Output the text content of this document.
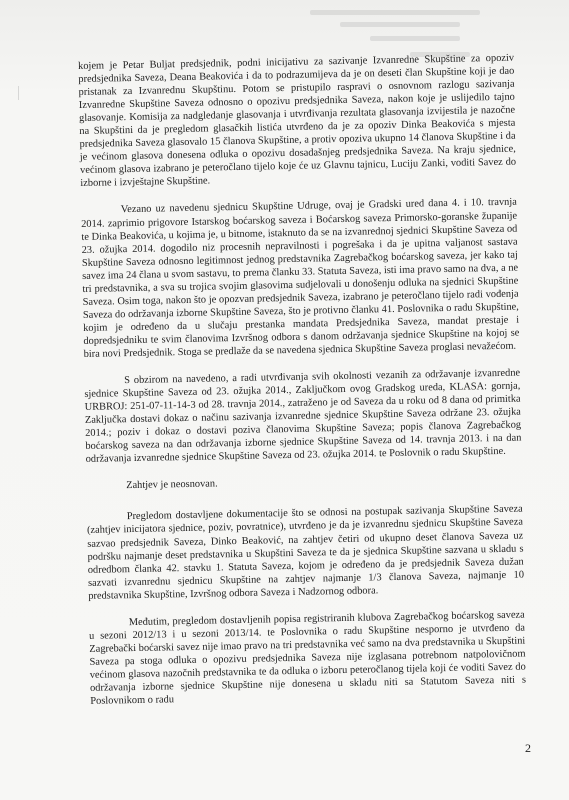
kojem je Petar Buljat predsjednik, podni inicijativu za sazivanje Izvanredne Skupštine za opoziv predsjednika Saveza, Deana Beakovića i da to podrazumijeva da je on deseti član Skupštine koji je dao pristanak za Izvanrednu Skupštinu. Potom se pristupilo raspravi o osnovnom razlogu sazivanja Izvanredne Skupštine Saveza odnosno o opozivu predsjednika Saveza, nakon koje je uslijedilo tajno glasovanje. Komisija za nadgledanje glasovanja i utvrđivanja rezultata glasovanja izvijestila je nazočne na Skupštini da je pregledom glasačkih listića utvrđeno da je za opoziv Dinka Beakovića s mjesta predsjednika Saveza glasovalo 15 članova Skupštine, a protiv opoziva ukupno 14 članova Skupštine i da je većinom glasova donesena odluka o opozivu dosadašnjeg predsjednika Saveza. Na kraju sjednice, većinom glasova izabrano je peteročlano tijelo koje će uz Glavnu tajnicu, Luciju Zanki, voditi Savez do izborne i izvještajne Skupštine.

Vezano uz navedenu sjednicu Skupštine Udruge, ovaj je Gradski ured dana 4. i 10. travnja 2014. zaprimio prigovore Istarskog boćarskog saveza i Boćarskog saveza Primorsko-goranske županije te Dinka Beakovića, u kojima je, u bitnome, istaknuto da se na izvanrednoj sjednici Skupštine Saveza od 23. ožujka 2014. dogodilo niz procesnih nepravilnosti i pogrešaka i da je upitna valjanost sastava Skupštine Saveza odnosno legitimnost jednog predstavnika Zagrebačkog boćarskog saveza, jer kako taj savez ima 24 člana u svom sastavu, to prema članku 33. Statuta Saveza, isti ima pravo samo na dva, a ne tri predstavnika, a sva su trojica svojim glasovima sudjelovali u donošenju odluka na sjednici Skupštine Saveza. Osim toga, nakon što je opozvan predsjednik Saveza, izabrano je peteročlano tijelo radi vođenja Saveza do održavanja izborne Skupštine Saveza, što je protivno članku 41. Poslovnika o radu Skupštine, kojim je određeno da u slučaju prestanka mandata Predsjednika Saveza, mandat prestaje i dopredsjedniku te svim članovima Izvršnog odbora s danom održavanja sjednice Skupštine na kojoj se bira novi Predsjednik. Stoga se predlaže da se navedena sjednica Skupštine Saveza proglasi nevažećom.

S obzirom na navedeno, a radi utvrđivanja svih okolnosti vezanih za održavanje izvanredne sjednice Skupštine Saveza od 23. ožujka 2014., Zaključkom ovog Gradskog ureda, KLASA: gornja, URBROJ: 251-07-11-14-3 od 28. travnja 2014., zatraženo je od Saveza da u roku od 8 dana od primitka Zaključka dostavi dokaz o načinu sazivanja izvanredne sjednice Skupštine Saveza održane 23. ožujka 2014.; poziv i dokaz o dostavi poziva članovima Skupštine Saveza; popis članova Zagrebačkog boćarskog saveza na dan održavanja izborne sjednice Skupštine Saveza od 14. travnja 2013. i na dan održavanja izvanredne sjednice Skupštine Saveza od 23. ožujka 2014. te Poslovnik o radu Skupštine.

Zahtjev je neosnovan.

Pregledom dostavljene dokumentacije što se odnosi na postupak sazivanja Skupštine Saveza (zahtjev inicijatora sjednice, poziv, povratnice), utvrđeno je da je izvanrednu sjednicu Skupštine Saveza sazvao predsjednik Saveza, Dinko Beaković, na zahtjev četiri od ukupno deset članova Saveza uz podršku najmanje deset predstavnika u Skupštini Saveza te da je sjednica Skupštine sazvana u skladu s odredbom članka 42. stavku 1. Statuta Saveza, kojom je određeno da je predsjednik Saveza dužan sazvati izvanrednu sjednicu Skupštine na zahtjev najmanje 1/3 članova Saveza, najmanje 10 predstavnika Skupštine, Izvršnog odbora Saveza i Nadzornog odbora.

Međutim, pregledom dostavljenih popisa registriranih klubova Zagrebačkog boćarskog saveza u sezoni 2012/13 i u sezoni 2013/14. te Poslovnika o radu Skupštine nesporno je utvrđeno da Zagrebački boćarski savez nije imao pravo na tri predstavnika već samo na dva predstavnika u Skupštini Saveza pa stoga odluka o opozivu predsjednika Saveza nije izglasana potrebnom natpolovičnom većinom glasova nazočnih predstavnika te da odluka o izboru peteročlanog tijela koji će voditi Savez do održavanja izborne sjednice Skupštine nije donesena u skladu niti sa Statutom Saveza niti s Poslovnikom o radu

2
